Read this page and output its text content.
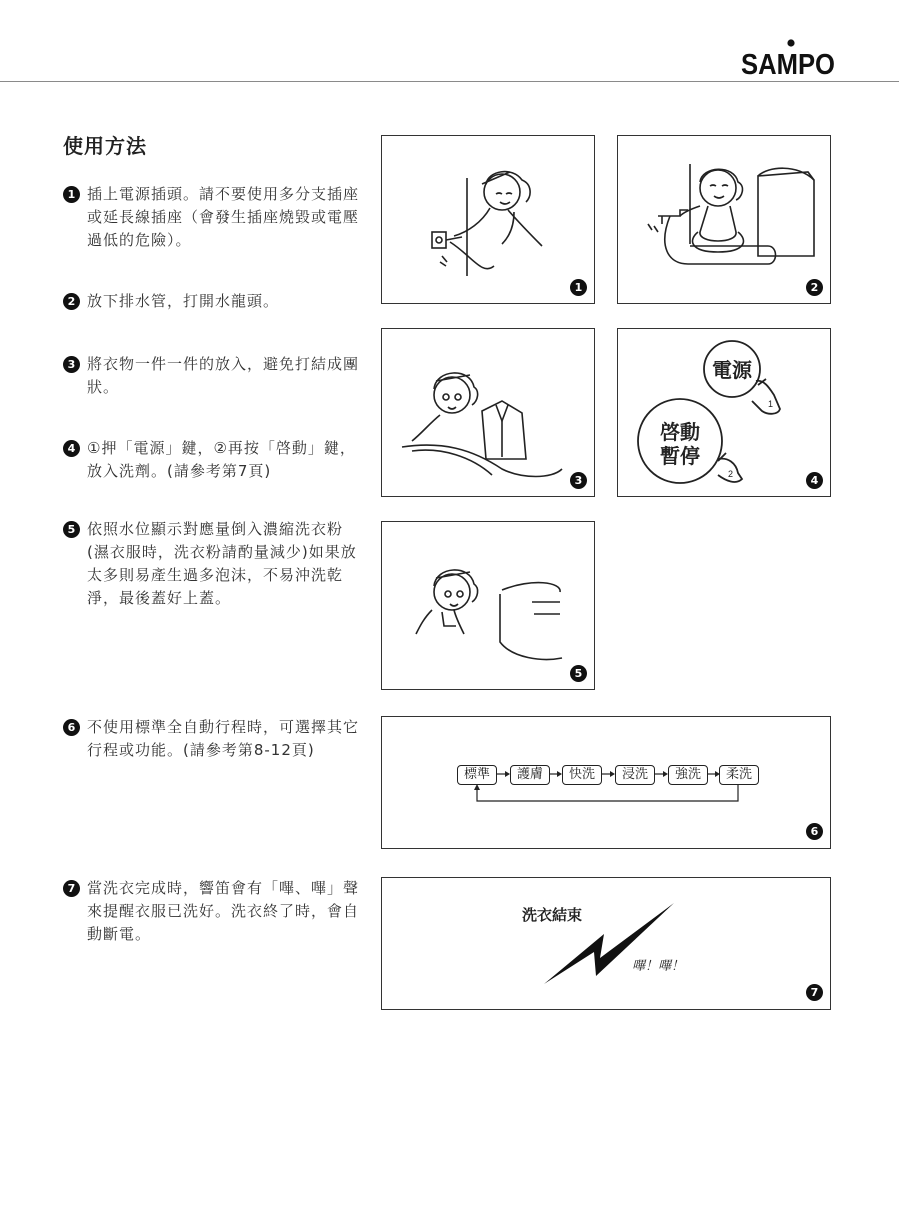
SAMPO
使用方法
1 插上電源插頭。請不要使用多分支插座或延長線插座（會發生插座燒毀或電壓過低的危險）。
2 放下排水管，打開水龍頭。
3 將衣物一件一件的放入，避免打結成團狀。
4 ①押「電源」鍵，②再按「啓動」鍵，放入洗劑。(請參考第7頁)
5 依照水位顯示對應量倒入濃縮洗衣粉(濕衣服時，洗衣粉請酌量減少)如果放太多則易產生過多泡沫，不易沖洗乾淨，最後蓋好上蓋。
6 不使用標準全自動行程時，可選擇其它行程或功能。(請參考第8-12頁)
7 當洗衣完成時，響笛會有「嗶、嗶」聲來提醒衣服已洗好。洗衣終了時，會自動斷電。
1	2
3
1
2
電源
啓動
暫停
4
5
標準	護膚	快洗	浸洗	強洗	柔洗
6
洗衣結束
嗶！嗶！
7
